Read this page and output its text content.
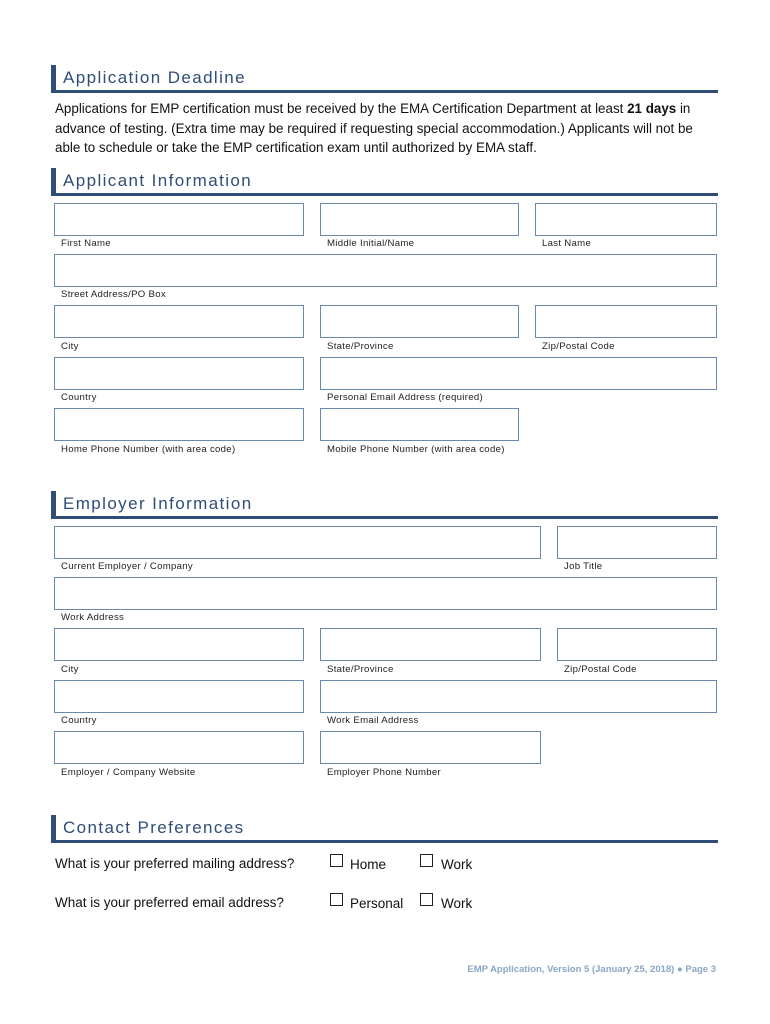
Application Deadline
Applications for EMP certification must be received by the EMA Certification Department at least 21 days in advance of testing. (Extra time may be required if requesting special accommodation.) Applicants will not be able to schedule or take the EMP certification exam until authorized by EMA staff.
Applicant Information
First Name	Middle Initial/Name	Last Name
Street Address/PO Box
City	State/Province	Zip/Postal Code
Country	Personal Email Address (required)
Home Phone Number (with area code)	Mobile Phone Number (with area code)
Employer Information
Current Employer / Company	Job Title
Work Address
City	State/Province	Zip/Postal Code
Country	Work Email Address
Employer / Company Website	Employer Phone Number
Contact Preferences
What is your preferred mailing address?	Home	Work
What is your preferred email address?	Personal	Work
EMP Application, Version 5 (January 25, 2018) ● Page 3
